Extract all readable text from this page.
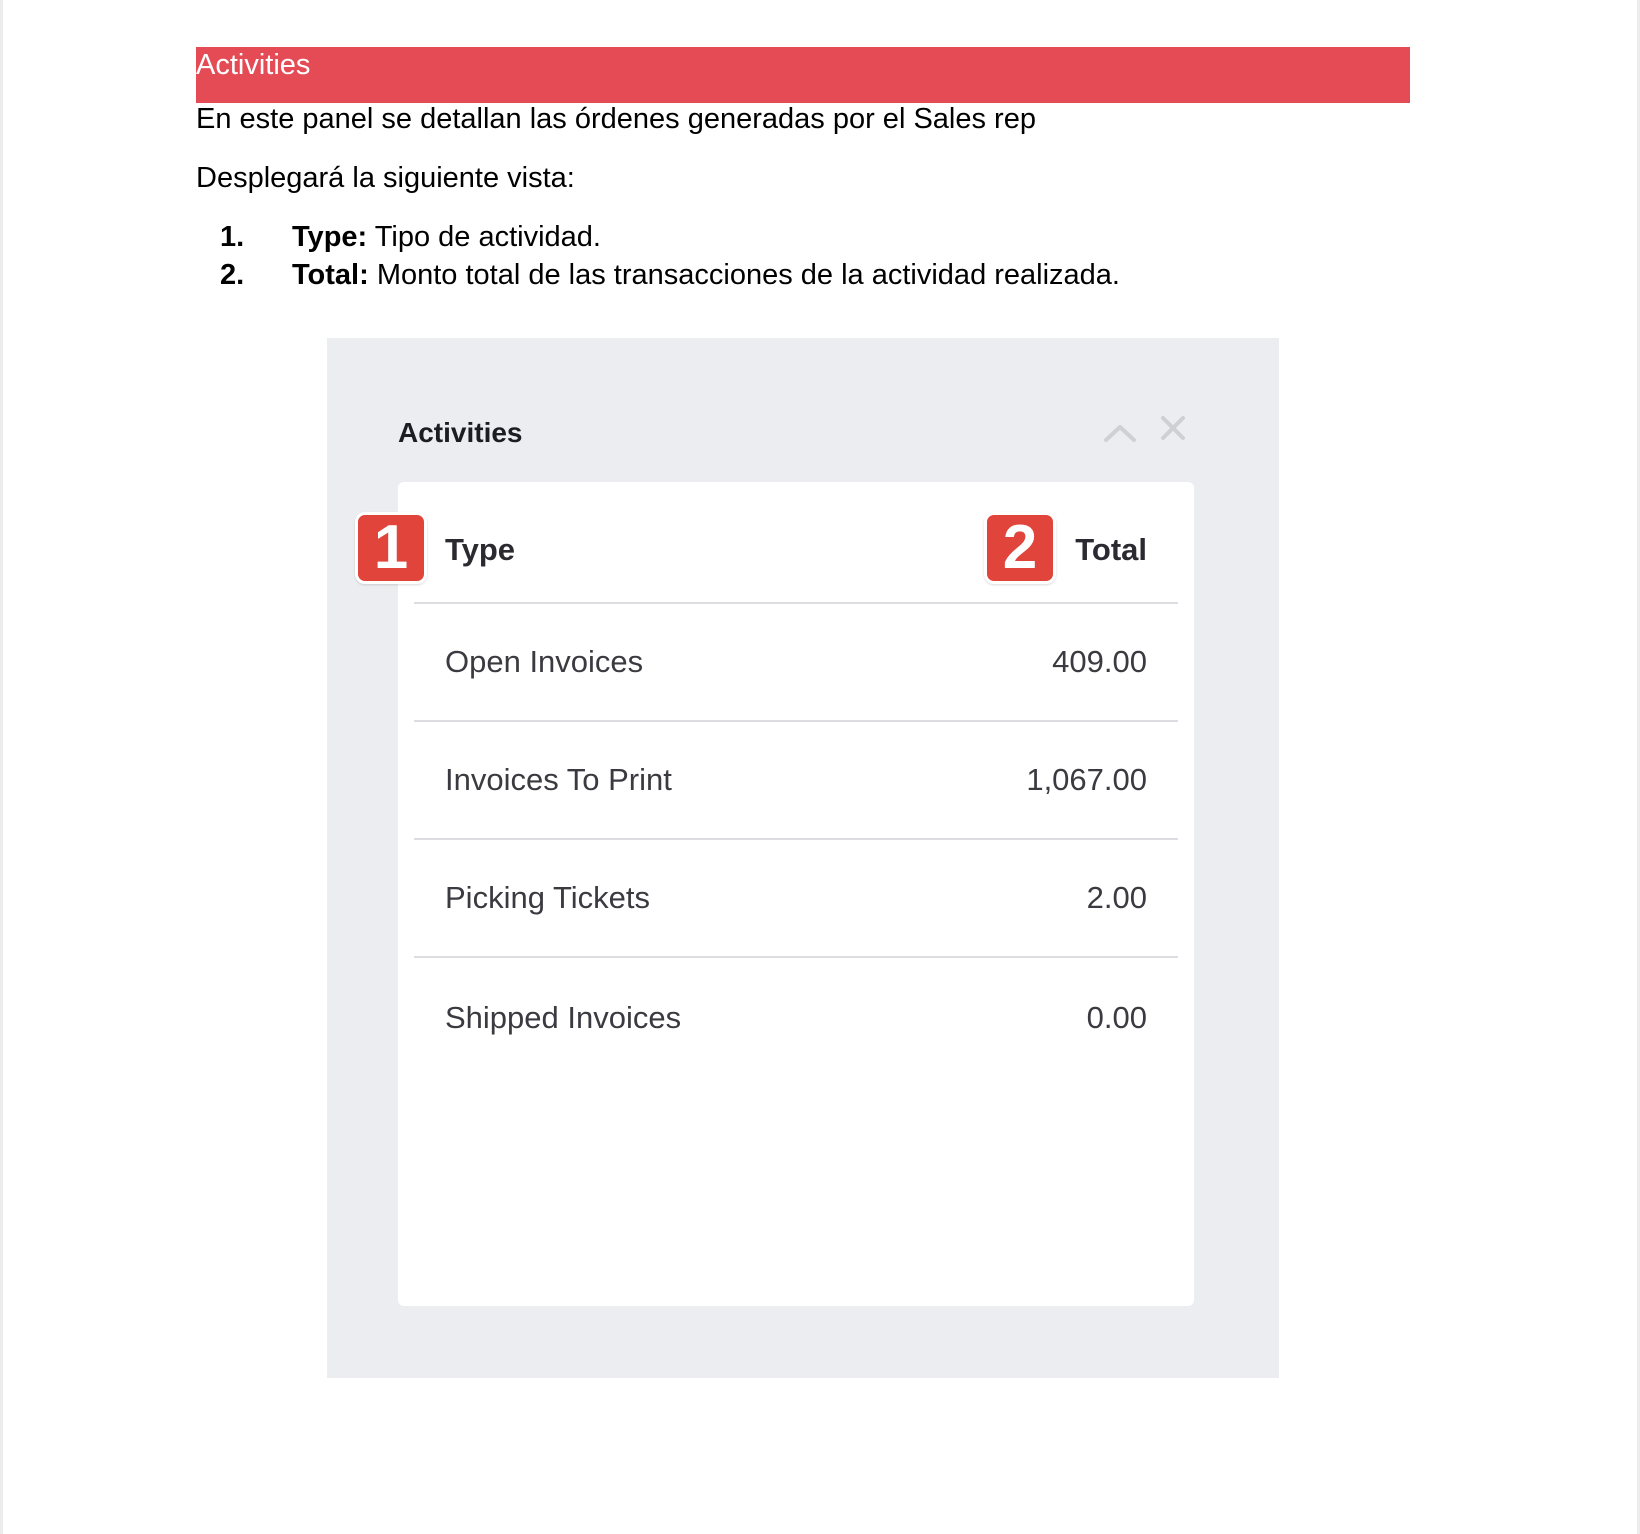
Activities

En este panel se detallan las órdenes generadas por el Sales rep

Desplegará la siguiente vista:

1. Type: Tipo de actividad.
2. Total: Monto total de las transacciones de la actividad realizada.
Activities
Type	Total
Open Invoices	409.00
Invoices To Print	1,067.00
Picking Tickets	2.00
Shipped Invoices	0.00
1	2
